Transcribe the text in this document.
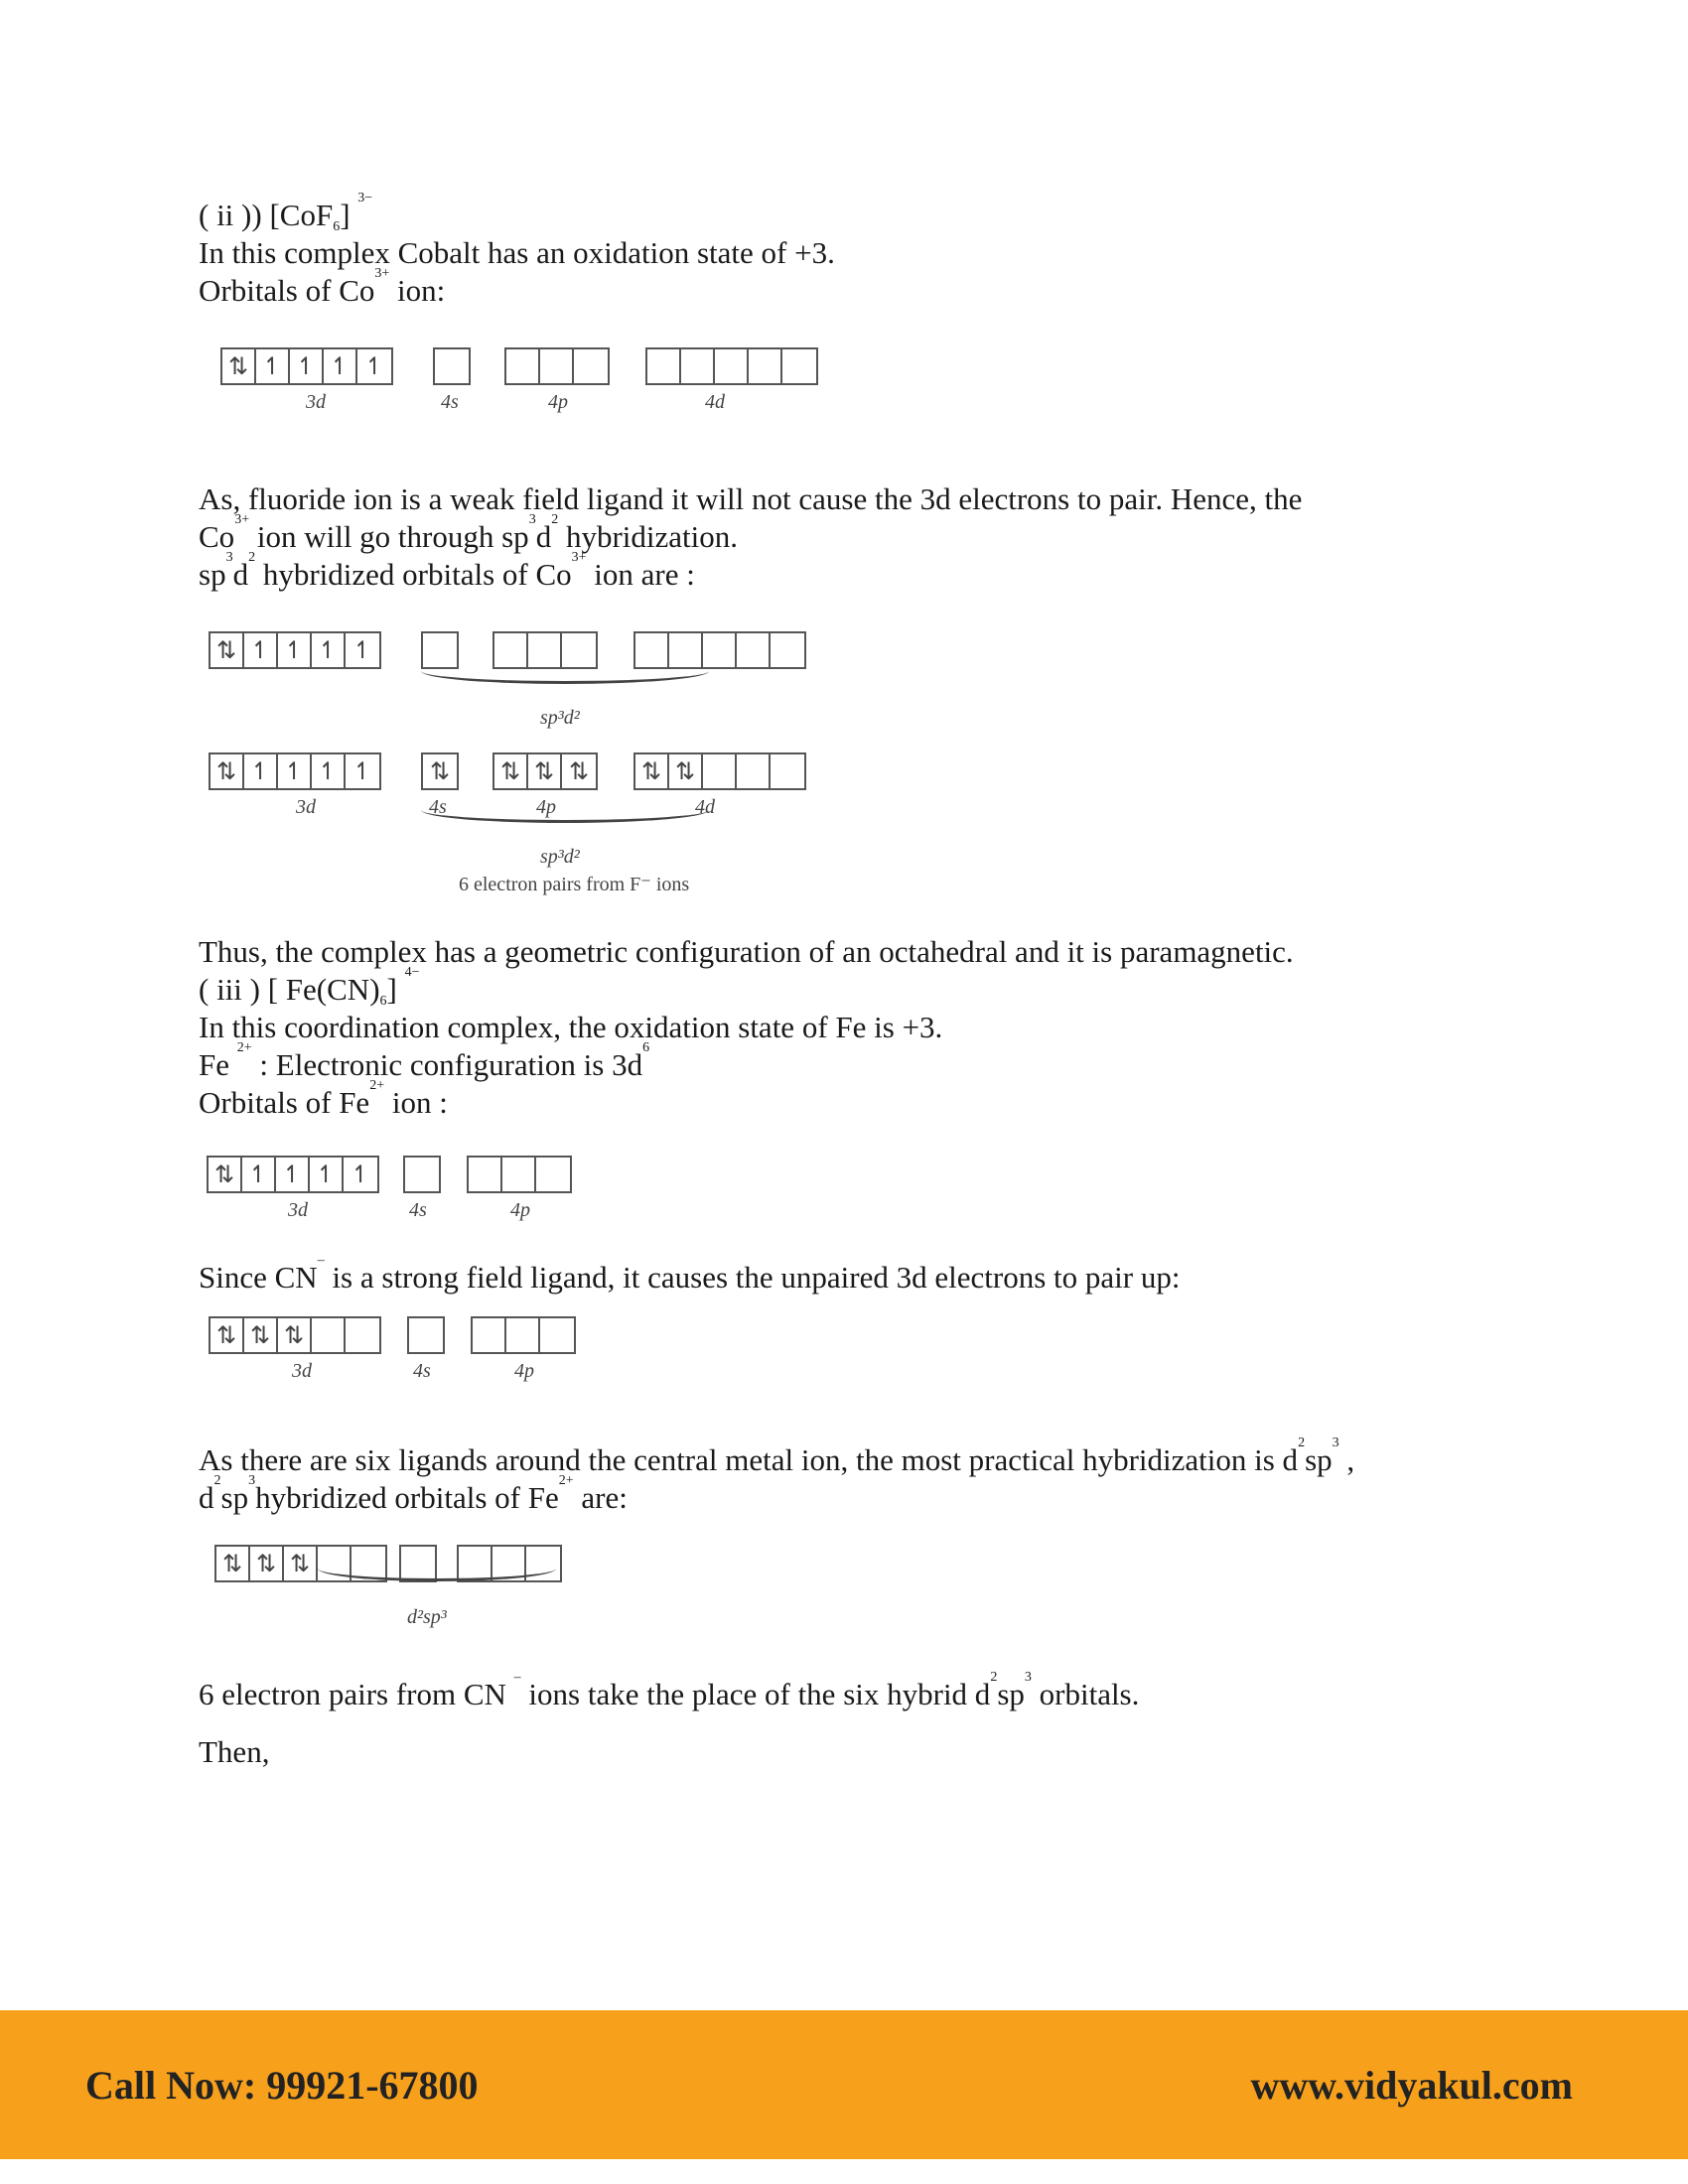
( ii )) [CoF$_6$] $^{3-}$
In this complex Cobalt has an oxidation state of +3.
Orbitals of $Co^{3+}$ ion:
⇅ ↿ ↿ ↿ ↿
3d	4s	4p	4d
As, fluoride ion is a weak field ligand it will not cause the 3d electrons to pair. Hence, the
$Co^{3+}$ ion will go through $sp^3d^2$ hybridization.
$sp^3d^2$ hybridized orbitals of $Co^{3+}$ ion are :
⇅ ↿ ↿ ↿ ↿
sp³d²
⇅ ↿ ↿ ↿ ↿ ⇅ ⇅ ⇅ ⇅ ⇅ ⇅
3d	4s	4p	4d
sp³d²
6 electron pairs from F⁻ ions
Thus, the complex has a geometric configuration of an octahedral and it is paramagnetic.
( iii ) [ $Fe(CN)_6$] $^{4-}$
In this coordination complex, the oxidation state of Fe is +3.
Fe $^{2+}$ : Electronic configuration is $3d^6$
Orbitals of $Fe^{2+}$ ion :
⇅ ↿ ↿ ↿ ↿
3d	4s	4p
Since CN– is a strong field ligand, it causes the unpaired 3d electrons to pair up:
⇅ ⇅ ⇅
3d	4s	4p
As there are six ligands around the central metal ion, the most practical hybridization is $d^2sp^3$ ,
$d^2sp^3hybridized$ orbitals of $Fe^{2+}$ are:
⇅ ⇅ ⇅
d²sp³
6 electron pairs from CN – ions take the place of the six hybrid $d^2sp^3$ orbitals.
Then,
Call Now: 99921-67800	www.vidyakul.com
